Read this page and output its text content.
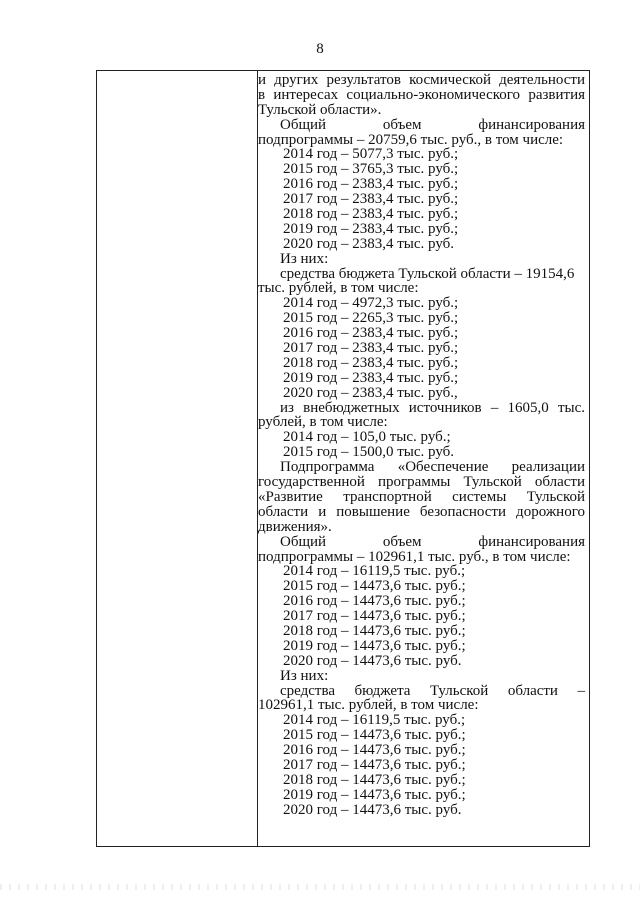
8
и других результатов космической деятельности
в интересах социально-экономического развития
Тульской области».
Общий объем финансирования
подпрограммы – 20759,6 тыс. руб., в том числе:
2014 год – 5077,3 тыс. руб.;
2015 год – 3765,3 тыс. руб.;
2016 год – 2383,4 тыс. руб.;
2017 год – 2383,4 тыс. руб.;
2018 год – 2383,4 тыс. руб.;
2019 год – 2383,4 тыс. руб.;
2020 год – 2383,4 тыс. руб.
Из них:
средства бюджета Тульской области – 19154,6
тыс. рублей, в том числе:
2014 год – 4972,3 тыс. руб.;
2015 год – 2265,3 тыс. руб.;
2016 год – 2383,4 тыс. руб.;
2017 год – 2383,4 тыс. руб.;
2018 год – 2383,4 тыс. руб.;
2019 год – 2383,4 тыс. руб.;
2020 год – 2383,4 тыс. руб.,
из внебюджетных источников – 1605,0 тыс.
рублей, в том числе:
2014 год – 105,0 тыс. руб.;
2015 год – 1500,0 тыс. руб.
Подпрограмма «Обеспечение реализации
государственной программы Тульской области
«Развитие транспортной системы Тульской
области и повышение безопасности дорожного
движения».
Общий объем финансирования
подпрограммы – 102961,1 тыс. руб., в том числе:
2014 год – 16119,5 тыс. руб.;
2015 год – 14473,6 тыс. руб.;
2016 год – 14473,6 тыс. руб.;
2017 год – 14473,6 тыс. руб.;
2018 год – 14473,6 тыс. руб.;
2019 год – 14473,6 тыс. руб.;
2020 год – 14473,6 тыс. руб.
Из них:
средства бюджета Тульской области –
102961,1 тыс. рублей, в том числе:
2014 год – 16119,5 тыс. руб.;
2015 год – 14473,6 тыс. руб.;
2016 год – 14473,6 тыс. руб.;
2017 год – 14473,6 тыс. руб.;
2018 год – 14473,6 тыс. руб.;
2019 год – 14473,6 тыс. руб.;
2020 год – 14473,6 тыс. руб.
